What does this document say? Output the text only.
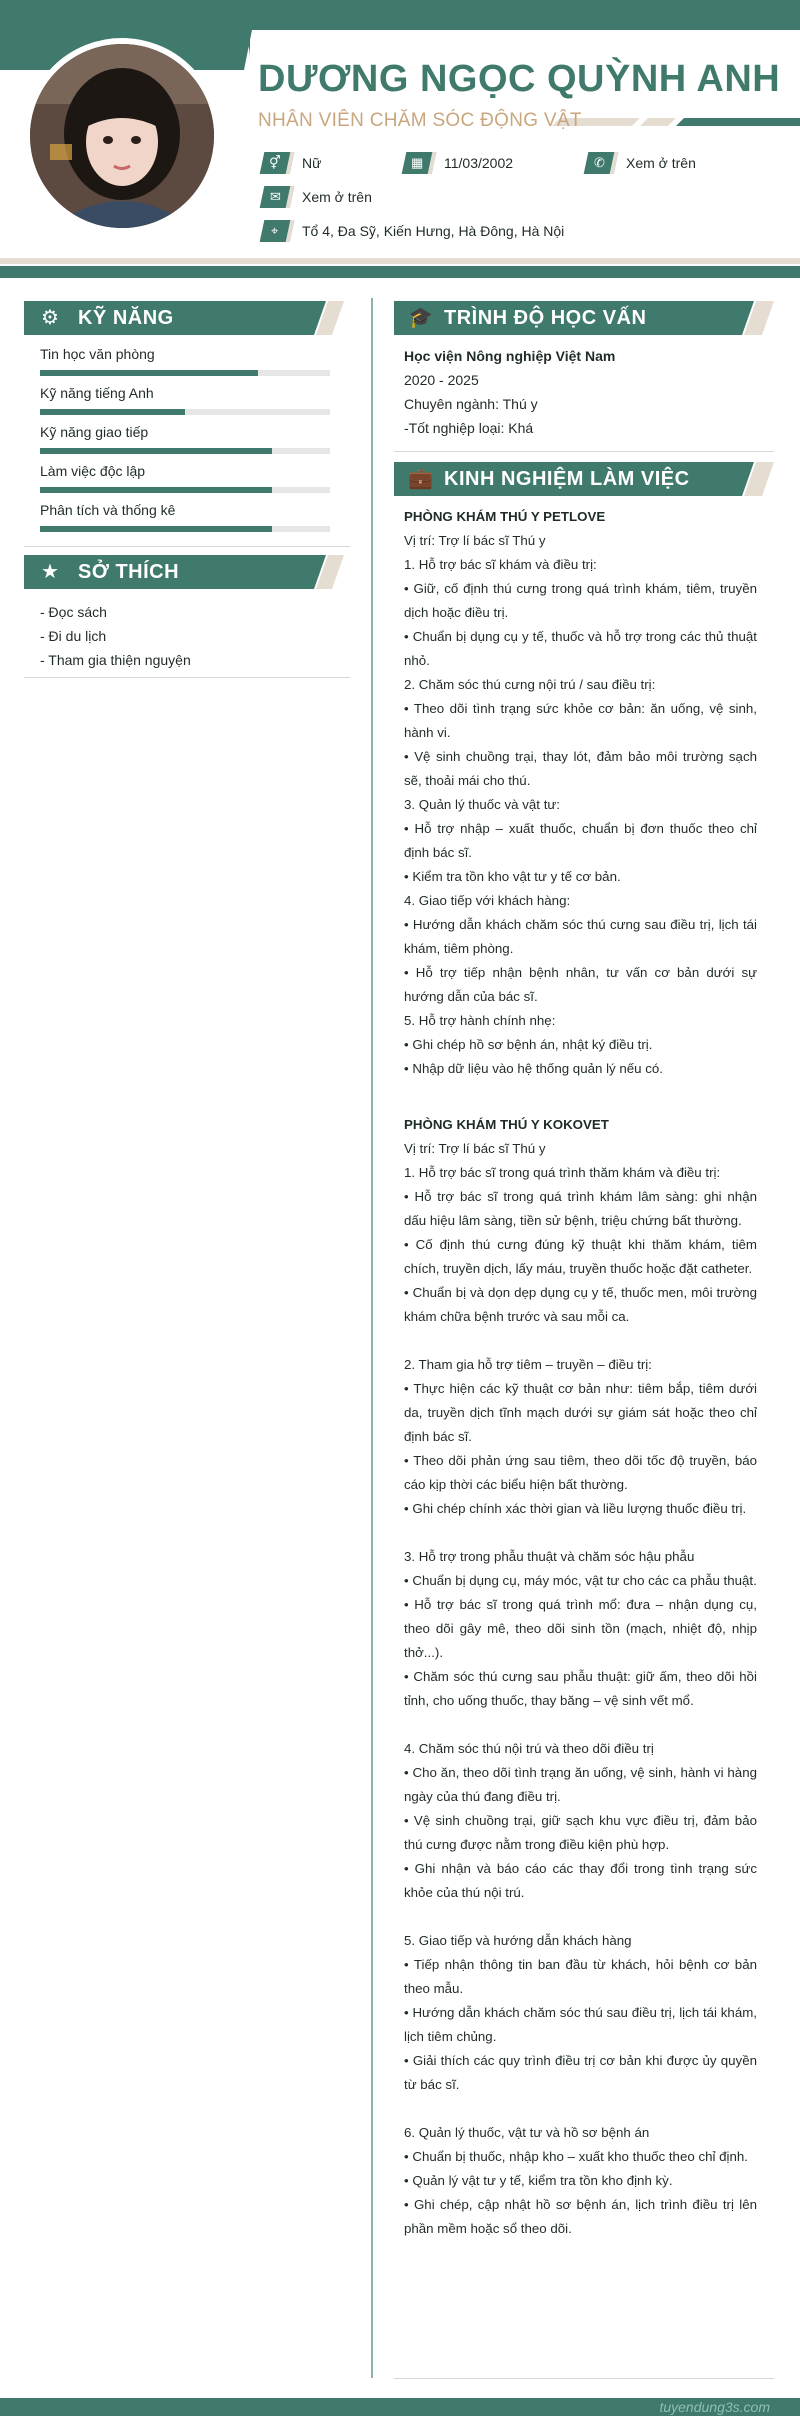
DƯƠNG NGỌC QUỲNH ANH
NHÂN VIÊN CHĂM SÓC ĐỘNG VẬT
⚥ Nữ	▦ 11/03/2002	✆ Xem ở trên
✉ Xem ở trên
⌖ Tổ 4, Đa Sỹ, Kiến Hưng, Hà Đông, Hà Nội
⚙ KỸ NĂNG
Tin học văn phòng
Kỹ năng tiếng Anh
Kỹ năng giao tiếp
Làm việc độc lập
Phân tích và thống kê
★ SỞ THÍCH
- Đọc sách
- Đi du lịch
- Tham gia thiện nguyện
🎓 TRÌNH ĐỘ HỌC VẤN
Học viện Nông nghiệp Việt Nam
2020 - 2025
Chuyên ngành: Thú y
-Tốt nghiệp loại: Khá
💼 KINH NGHIỆM LÀM VIỆC
PHÒNG KHÁM THÚ Y PETLOVE

Vị trí: Trợ lí bác sĩ Thú y

1. Hỗ trợ bác sĩ khám và điều trị:

• Giữ, cố định thú cưng trong quá trình khám, tiêm, truyền dịch hoặc điều trị.

• Chuẩn bị dụng cụ y tế, thuốc và hỗ trợ trong các thủ thuật nhỏ.

2. Chăm sóc thú cưng nội trú / sau điều trị:

• Theo dõi tình trạng sức khỏe cơ bản: ăn uống, vệ sinh, hành vi.

• Vệ sinh chuồng trại, thay lót, đảm bảo môi trường sạch sẽ, thoải mái cho thú.

3. Quản lý thuốc và vật tư:

• Hỗ trợ nhập – xuất thuốc, chuẩn bị đơn thuốc theo chỉ định bác sĩ.

• Kiểm tra tồn kho vật tư y tế cơ bản.

4. Giao tiếp với khách hàng:

• Hướng dẫn khách chăm sóc thú cưng sau điều trị, lịch tái khám, tiêm phòng.

• Hỗ trợ tiếp nhận bệnh nhân, tư vấn cơ bản dưới sự hướng dẫn của bác sĩ.

5. Hỗ trợ hành chính nhẹ:

• Ghi chép hồ sơ bệnh án, nhật ký điều trị.

• Nhập dữ liệu vào hệ thống quản lý nếu có.

PHÒNG KHÁM THÚ Y KOKOVET

Vị trí: Trợ lí bác sĩ Thú y

1. Hỗ trợ bác sĩ trong quá trình thăm khám và điều trị:

• Hỗ trợ bác sĩ trong quá trình khám lâm sàng: ghi nhận dấu hiệu lâm sàng, tiền sử bệnh, triệu chứng bất thường.

• Cố định thú cưng đúng kỹ thuật khi thăm khám, tiêm chích, truyền dịch, lấy máu, truyền thuốc hoặc đặt catheter.

• Chuẩn bị và dọn dẹp dụng cụ y tế, thuốc men, môi trường khám chữa bệnh trước và sau mỗi ca.

2. Tham gia hỗ trợ tiêm – truyền – điều trị:

• Thực hiện các kỹ thuật cơ bản như: tiêm bắp, tiêm dưới da, truyền dịch tĩnh mạch dưới sự giám sát hoặc theo chỉ định bác sĩ.

• Theo dõi phản ứng sau tiêm, theo dõi tốc độ truyền, báo cáo kịp thời các biểu hiện bất thường.

• Ghi chép chính xác thời gian và liều lượng thuốc điều trị.

3. Hỗ trợ trong phẫu thuật và chăm sóc hậu phẫu

• Chuẩn bị dụng cụ, máy móc, vật tư cho các ca phẫu thuật.

• Hỗ trợ bác sĩ trong quá trình mổ: đưa – nhận dụng cụ, theo dõi gây mê, theo dõi sinh tồn (mạch, nhiệt độ, nhịp thở...).

• Chăm sóc thú cưng sau phẫu thuật: giữ ấm, theo dõi hồi tỉnh, cho uống thuốc, thay băng – vệ sinh vết mổ.

4. Chăm sóc thú nội trú và theo dõi điều trị

• Cho ăn, theo dõi tình trạng ăn uống, vệ sinh, hành vi hàng ngày của thú đang điều trị.

• Vệ sinh chuồng trại, giữ sạch khu vực điều trị, đảm bảo thú cưng được nằm trong điều kiện phù hợp.

• Ghi nhận và báo cáo các thay đổi trong tình trạng sức khỏe của thú nội trú.

5. Giao tiếp và hướng dẫn khách hàng

• Tiếp nhận thông tin ban đầu từ khách, hỏi bệnh cơ bản theo mẫu.

• Hướng dẫn khách chăm sóc thú sau điều trị, lịch tái khám, lịch tiêm chủng.

• Giải thích các quy trình điều trị cơ bản khi được ủy quyền từ bác sĩ.

6. Quản lý thuốc, vật tư và hồ sơ bệnh án

• Chuẩn bị thuốc, nhập kho – xuất kho thuốc theo chỉ định.

• Quản lý vật tư y tế, kiểm tra tồn kho định kỳ.

• Ghi chép, cập nhật hồ sơ bệnh án, lịch trình điều trị lên phần mềm hoặc sổ theo dõi.

tuyendung3s.com
